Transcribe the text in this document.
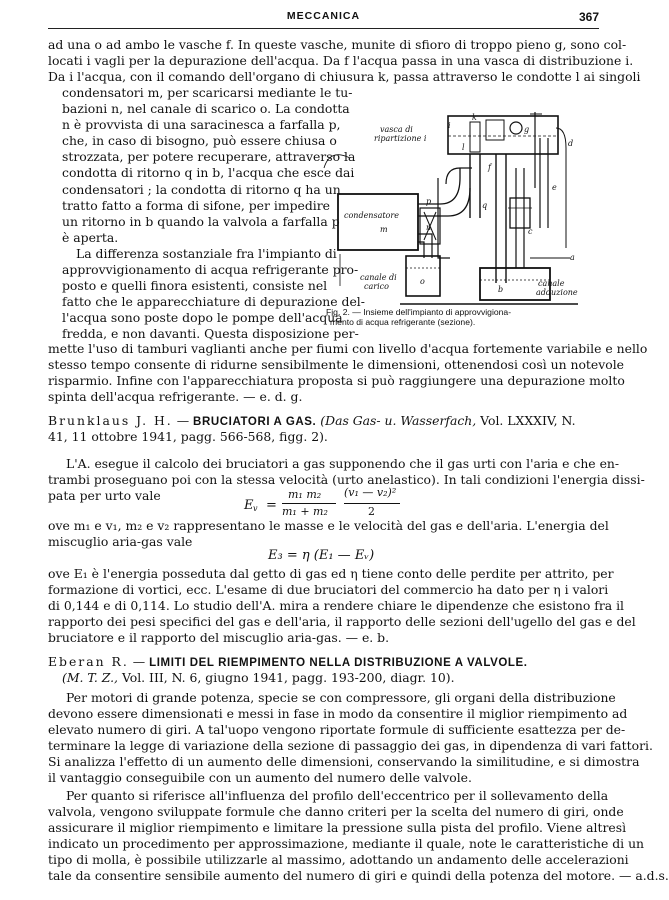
MECCANICA	367
ad una o ad ambo le vasche f. In queste vasche, munite di sfioro di troppo pieno g, sono col-
locati i vagli per la depurazione dell'acqua. Da f l'acqua passa in una vasca di distribuzione i.
Da i l'acqua, con il comando dell'organo di chiusura k, passa attraverso le condotte l ai singoli
condensatori m, per scaricarsi mediante le tu-
bazioni n, nel canale di scarico o. La condotta
n è provvista di una saracinesca a farfalla p,
che, in caso di bisogno, può essere chiusa o
strozzata, per potere recuperare, attraverso la
condotta di ritorno q in b, l'acqua che esce dai
condensatori ; la condotta di ritorno q ha un
tratto fatto a forma di sifone, per impedire
un ritorno in b quando la valvola a farfalla p
è aperta.
La differenza sostanziale fra l'impianto di
approvvigionamento di acqua refrigerante pro-
posto e quelli finora esistenti, consiste nel
fatto che le apparecchiature di depurazione del-
l'acqua sono poste dopo le pompe dell'acqua
fredda, e non davanti. Questa disposizione per-
vasca di
ripartizione i
condensatore
m
canale di
carico	canale
adduzione
k
g
f
d
e
l
q
p
n
o
b
a
i
c
Fig. 2. — Insieme dell'impianto di approvvigiona-
mento di acqua refrigerante (sezione).
mette l'uso di tamburi vaglianti anche per fiumi con livello d'acqua fortemente variabile e nello
stesso tempo consente di ridurne sensibilmente le dimensioni, ottenendosi così un notevole
risparmio. Infine con l'apparecchiatura proposta si può raggiungere una depurazione molto
spinta dell'acqua refrigerante. — e. d. g.
Brunklaus J. H. — BRUCIATORI A GAS. (Das Gas- u. Wasserfach, Vol. LXXXIV, N.
41, 11 ottobre 1941, pagg. 566-568, figg. 2).
L'A. esegue il calcolo dei bruciatori a gas supponendo che il gas urti con l'aria e che en-
trambi proseguano poi con la stessa velocità (urto anelastico). In tali condizioni l'energia dissi-
pata per urto vale
E v =
m₁ m₂
m₁ + m₂
(v₁ — v₂)²
2
ove m₁ e v₁, m₂ e v₂ rappresentano le masse e le velocità del gas e dell'aria. L'energia del
miscuglio aria-gas vale
E₃ = η (E₁ — Eᵥ)
ove E₁ è l'energia posseduta dal getto di gas ed η tiene conto delle perdite per attrito, per
formazione di vortici, ecc. L'esame di due bruciatori del commercio ha dato per η i valori
di 0,144 e di 0,114. Lo studio dell'A. mira a rendere chiare le dipendenze che esistono fra il
rapporto dei pesi specifici del gas e dell'aria, il rapporto delle sezioni dell'ugello del gas e del
bruciatore e il rapporto del miscuglio aria-gas. — e. b.
Eberan R. — LIMITI DEL RIEMPIMENTO NELLA DISTRIBUZIONE A VALVOLE.
(M. T. Z., Vol. III, N. 6, giugno 1941, pagg. 193-200, diagr. 10).
Per motori di grande potenza, specie se con compressore, gli organi della distribuzione
devono essere dimensionati e messi in fase in modo da consentire il miglior riempimento ad
elevato numero di giri. A tal'uopo vengono riportate formule di sufficiente esattezza per de-
terminare la legge di variazione della sezione di passaggio dei gas, in dipendenza di vari fattori.
Si analizza l'effetto di un aumento delle dimensioni, conservando la similitudine, e si dimostra
il vantaggio conseguibile con un aumento del numero delle valvole.
Per quanto si riferisce all'influenza del profilo dell'eccentrico per il sollevamento della
valvola, vengono sviluppate formule che danno criteri per la scelta del numero di giri, onde
assicurare il miglior riempimento e limitare la pressione sulla pista del profilo. Viene altresì
indicato un procedimento per approssimazione, mediante il quale, note le caratteristiche di un
tipo di molla, è possibile utilizzarle al massimo, adottando un andamento delle accelerazioni
tale da consentire sensibile aumento del numero di giri e quindi della potenza del motore. — a.d.s.
